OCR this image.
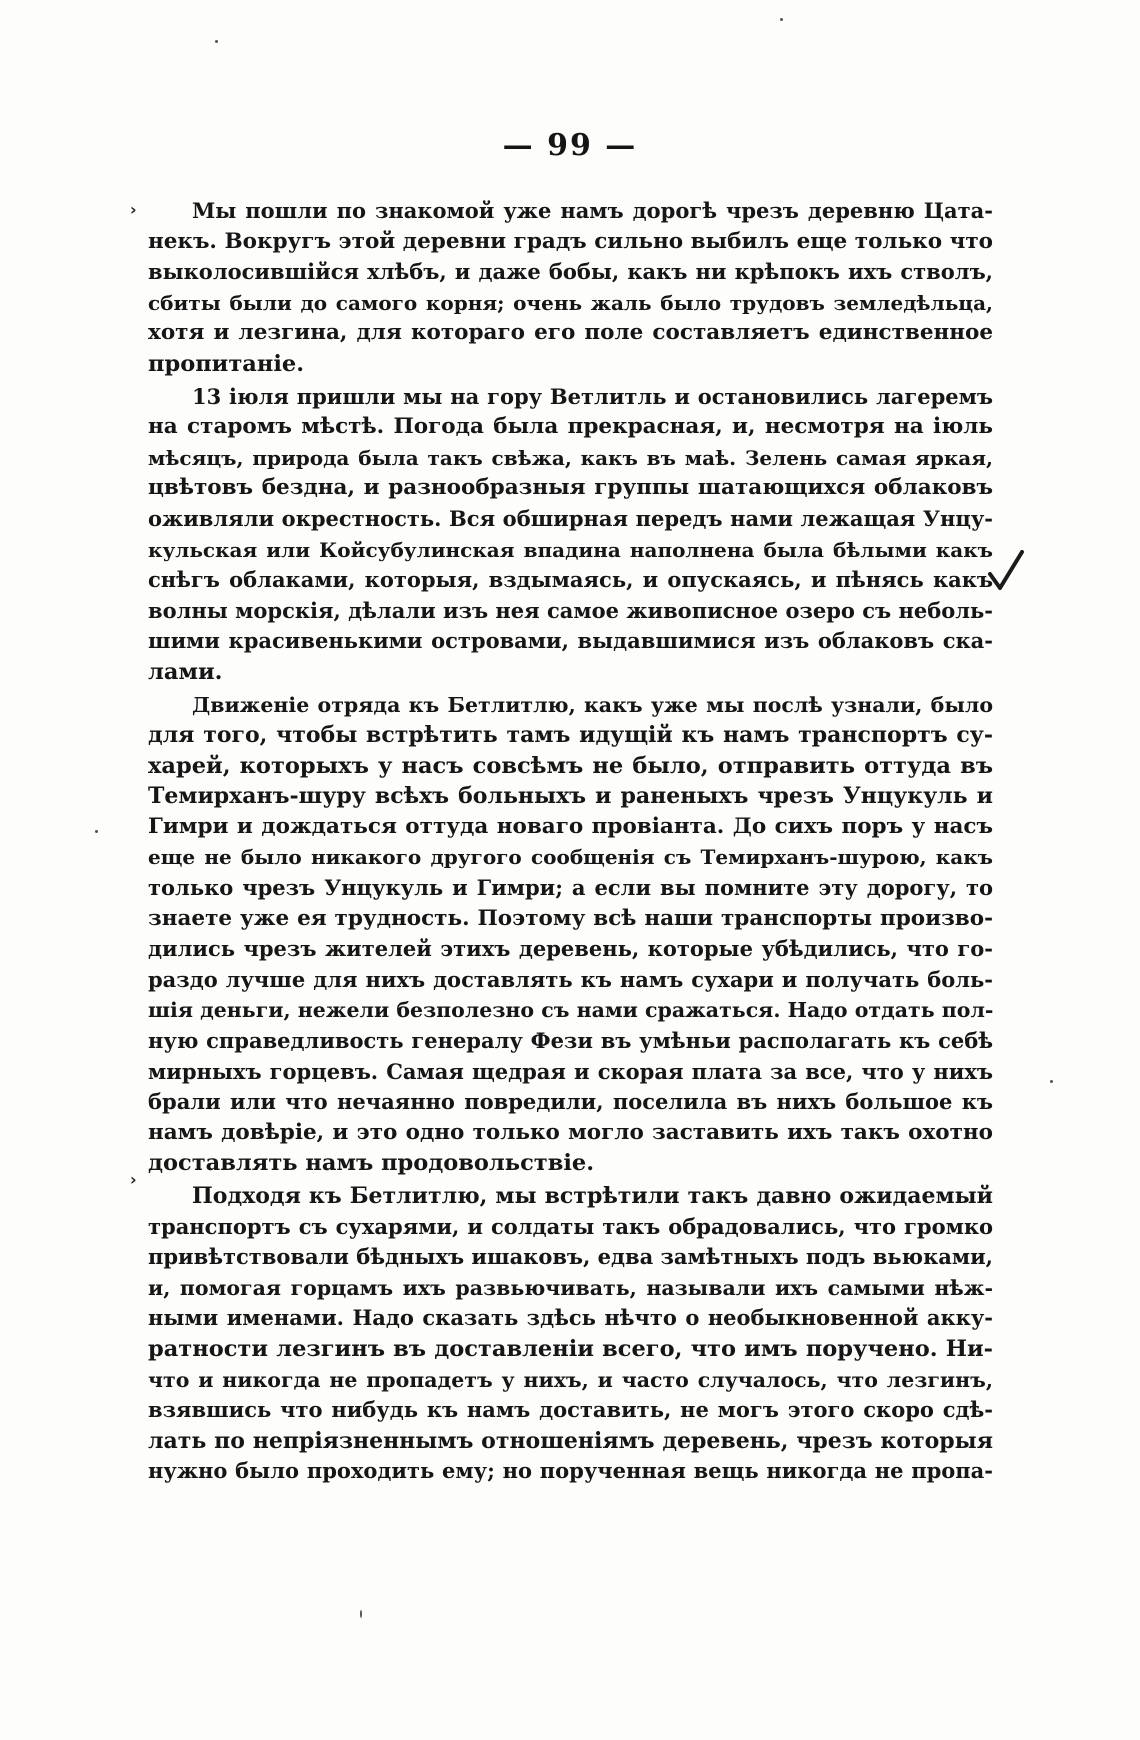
— 99 —
›
›
Мы пошли по знакомой уже намъ дорогѣ чрезъ деревню Цата-
некъ. Вокругъ этой деревни градъ сильно выбилъ еще только что
выколосившійся хлѣбъ, и даже бобы, какъ ни крѣпокъ ихъ стволъ,
сбиты были до самого корня; очень жаль было трудовъ земледѣльца,
хотя и лезгина, для котораго его поле составляетъ единственное
пропитаніе.
13 іюля пришли мы на гору Ветлитль и остановились лагеремъ
на старомъ мѣстѣ. Погода была прекрасная, и, несмотря на іюль
мѣсяцъ, природа была такъ свѣжа, какъ въ маѣ. Зелень самая яркая,
цвѣтовъ бездна, и разнообразныя группы шатающихся облаковъ
оживляли окрестность. Вся обширная передъ нами лежащая Унцу-
кульская или Койсубулинская впадина наполнена была бѣлыми какъ
снѣгъ облаками, которыя, вздымаясь, и опускаясь, и пѣнясь какъ
волны морскія, дѣлали изъ нея самое живописное озеро съ неболь-
шими красивенькими островами, выдавшимися изъ облаковъ ска-
лами.
Движеніе отряда къ Бетлитлю, какъ уже мы послѣ узнали, было
для того, чтобы встрѣтить тамъ идущій къ намъ транспортъ су-
харей, которыхъ у насъ совсѣмъ не было, отправить оттуда въ
Темирханъ-шуру всѣхъ больныхъ и раненыхъ чрезъ Унцукуль и
Гимри и дождаться оттуда новаго провіанта. До сихъ поръ у насъ
еще не было никакого другого сообщенія съ Темирханъ-шурою, какъ
только чрезъ Унцукуль и Гимри; а если вы помните эту дорогу, то
знаете уже ея трудность. Поэтому всѣ наши транспорты произво-
дились чрезъ жителей этихъ деревень, которые убѣдились, что го-
раздо лучше для нихъ доставлять къ намъ сухари и получать боль-
шія деньги, нежели безполезно съ нами сражаться. Надо отдать пол-
ную справедливость генералу Фези въ умѣньи располагать къ себѣ
мирныхъ горцевъ. Самая щедрая и скорая плата за все, что у нихъ
брали или что нечаянно повредили, поселила въ нихъ большое къ
намъ довѣріе, и это одно только могло заставить ихъ такъ охотно
доставлять намъ продовольствіе.
Подходя къ Бетлитлю, мы встрѣтили такъ давно ожидаемый
транспортъ съ сухарями, и солдаты такъ обрадовались, что громко
привѣтствовали бѣдныхъ ишаковъ, едва замѣтныхъ подъ вьюками,
и, помогая горцамъ ихъ развьючивать, называли ихъ самыми нѣж-
ными именами. Надо сказать здѣсь нѣчто о необыкновенной акку-
ратности лезгинъ въ доставленіи всего, что имъ поручено. Ни-
что и никогда не пропадетъ у нихъ, и часто случалось, что лезгинъ,
взявшись что нибудь къ намъ доставить, не могъ этого скоро сдѣ-
лать по непріязненнымъ отношеніямъ деревень, чрезъ которыя
нужно было проходить ему; но порученная вещь никогда не пропа-
